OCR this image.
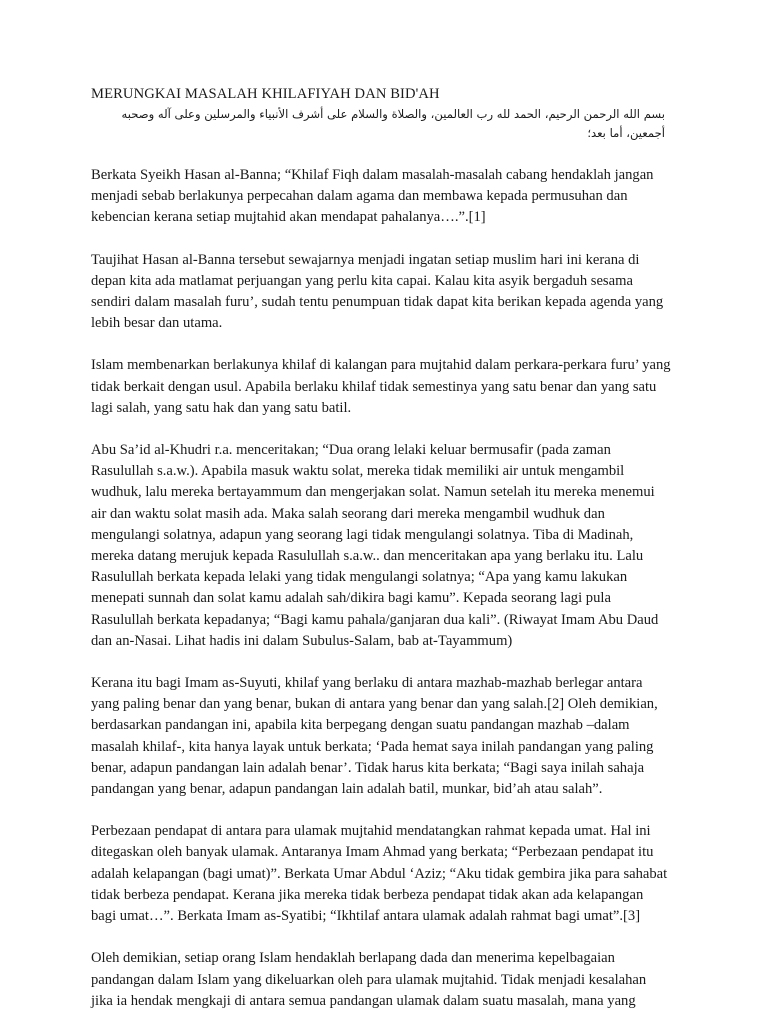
MERUNGKAI MASALAH KHILAFIYAH DAN BID'AH

بسم الله الرحمن الرحيم، الحمد لله رب العالمين، والصلاة والسلام على أشرف الأنبياء والمرسلين وعلى آله وصحبه أجمعين، أما بعد؛

Berkata Syeikh Hasan al-Banna; “Khilaf Fiqh dalam masalah-masalah cabang hendaklah jangan menjadi sebab berlakunya perpecahan dalam agama dan membawa kepada permusuhan dan kebencian kerana setiap mujtahid akan mendapat pahalanya….”.[1]

Taujihat Hasan al-Banna tersebut sewajarnya menjadi ingatan setiap muslim hari ini kerana di depan kita ada matlamat perjuangan yang perlu kita capai. Kalau kita asyik bergaduh sesama sendiri dalam masalah furu’, sudah tentu penumpuan tidak dapat kita berikan kepada agenda yang lebih besar dan utama.

Islam membenarkan berlakunya khilaf di kalangan para mujtahid dalam perkara-perkara furu’ yang tidak berkait dengan usul. Apabila berlaku khilaf tidak semestinya yang satu benar dan yang satu lagi salah, yang satu hak dan yang satu batil.

Abu Sa’id al-Khudri r.a. menceritakan; “Dua orang lelaki keluar bermusafir (pada zaman Rasulullah s.a.w.). Apabila masuk waktu solat, mereka tidak memiliki air untuk mengambil wudhuk, lalu mereka bertayammum dan mengerjakan solat. Namun setelah itu mereka menemui air dan waktu solat masih ada. Maka salah seorang dari mereka mengambil wudhuk dan mengulangi solatnya, adapun yang seorang lagi tidak mengulangi solatnya. Tiba di Madinah, mereka datang merujuk kepada Rasulullah s.a.w.. dan menceritakan apa yang berlaku itu. Lalu Rasulullah berkata kepada lelaki yang tidak mengulangi solatnya; “Apa yang kamu lakukan menepati sunnah dan solat kamu adalah sah/dikira bagi kamu”. Kepada seorang lagi pula Rasulullah berkata kepadanya; “Bagi kamu pahala/ganjaran dua kali”. (Riwayat Imam Abu Daud dan an-Nasai. Lihat hadis ini dalam Subulus-Salam, bab at-Tayammum)

Kerana itu bagi Imam as-Suyuti, khilaf yang berlaku di antara mazhab-mazhab berlegar antara yang paling benar dan yang benar, bukan di antara yang benar dan yang salah.[2] Oleh demikian, berdasarkan pandangan ini, apabila kita berpegang dengan suatu pandangan mazhab –dalam masalah khilaf-, kita hanya layak untuk berkata; ‘Pada hemat saya inilah pandangan yang paling benar, adapun pandangan lain adalah benar’. Tidak harus kita berkata; “Bagi saya inilah sahaja pandangan yang benar, adapun pandangan lain adalah batil, munkar, bid’ah atau salah”.

Perbezaan pendapat di antara para ulamak mujtahid mendatangkan rahmat kepada umat. Hal ini ditegaskan oleh banyak ulamak. Antaranya Imam Ahmad yang berkata; “Perbezaan pendapat itu adalah kelapangan (bagi umat)”. Berkata Umar Abdul ‘Aziz; “Aku tidak gembira jika para sahabat tidak berbeza pendapat. Kerana jika mereka tidak berbeza pendapat tidak akan ada kelapangan bagi umat…”. Berkata Imam as-Syatibi; “Ikhtilaf antara ulamak adalah rahmat bagi umat”.[3]

Oleh demikian, setiap orang Islam hendaklah berlapang dada dan menerima kepelbagaian pandangan dalam Islam yang dikeluarkan oleh para ulamak mujtahid. Tidak menjadi kesalahan jika ia hendak mengkaji di antara semua pandangan ulamak dalam suatu masalah, mana yang
